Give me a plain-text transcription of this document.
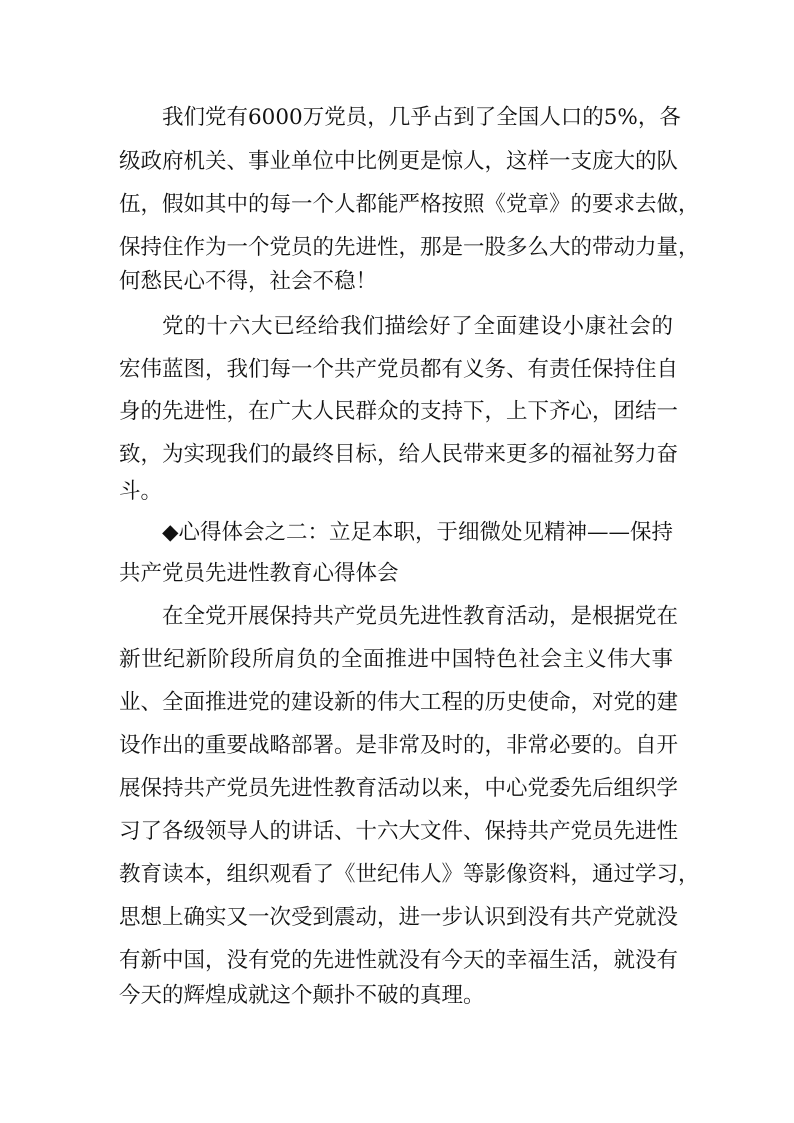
我们党有6000万党员，几乎占到了全国人口的5%，各
级政府机关、事业单位中比例更是惊人，这样一支庞大的队
伍，假如其中的每一个人都能严格按照《党章》的要求去做，
保持住作为一个党员的先进性，那是一股多么大的带动力量，
何愁民心不得，社会不稳！
党的十六大已经给我们描绘好了全面建设小康社会的
宏伟蓝图，我们每一个共产党员都有义务、有责任保持住自
身的先进性，在广大人民群众的支持下，上下齐心，团结一
致，为实现我们的最终目标，给人民带来更多的福祉努力奋
斗。
◆心得体会之二：立足本职，于细微处见精神——保持
共产党员先进性教育心得体会
在全党开展保持共产党员先进性教育活动，是根据党在
新世纪新阶段所肩负的全面推进中国特色社会主义伟大事
业、全面推进党的建设新的伟大工程的历史使命，对党的建
设作出的重要战略部署。是非常及时的，非常必要的。自开
展保持共产党员先进性教育活动以来，中心党委先后组织学
习了各级领导人的讲话、十六大文件、保持共产党员先进性
教育读本，组织观看了《世纪伟人》等影像资料，通过学习，
思想上确实又一次受到震动，进一步认识到没有共产党就没
有新中国，没有党的先进性就没有今天的幸福生活，就没有
今天的辉煌成就这个颠扑不破的真理。
